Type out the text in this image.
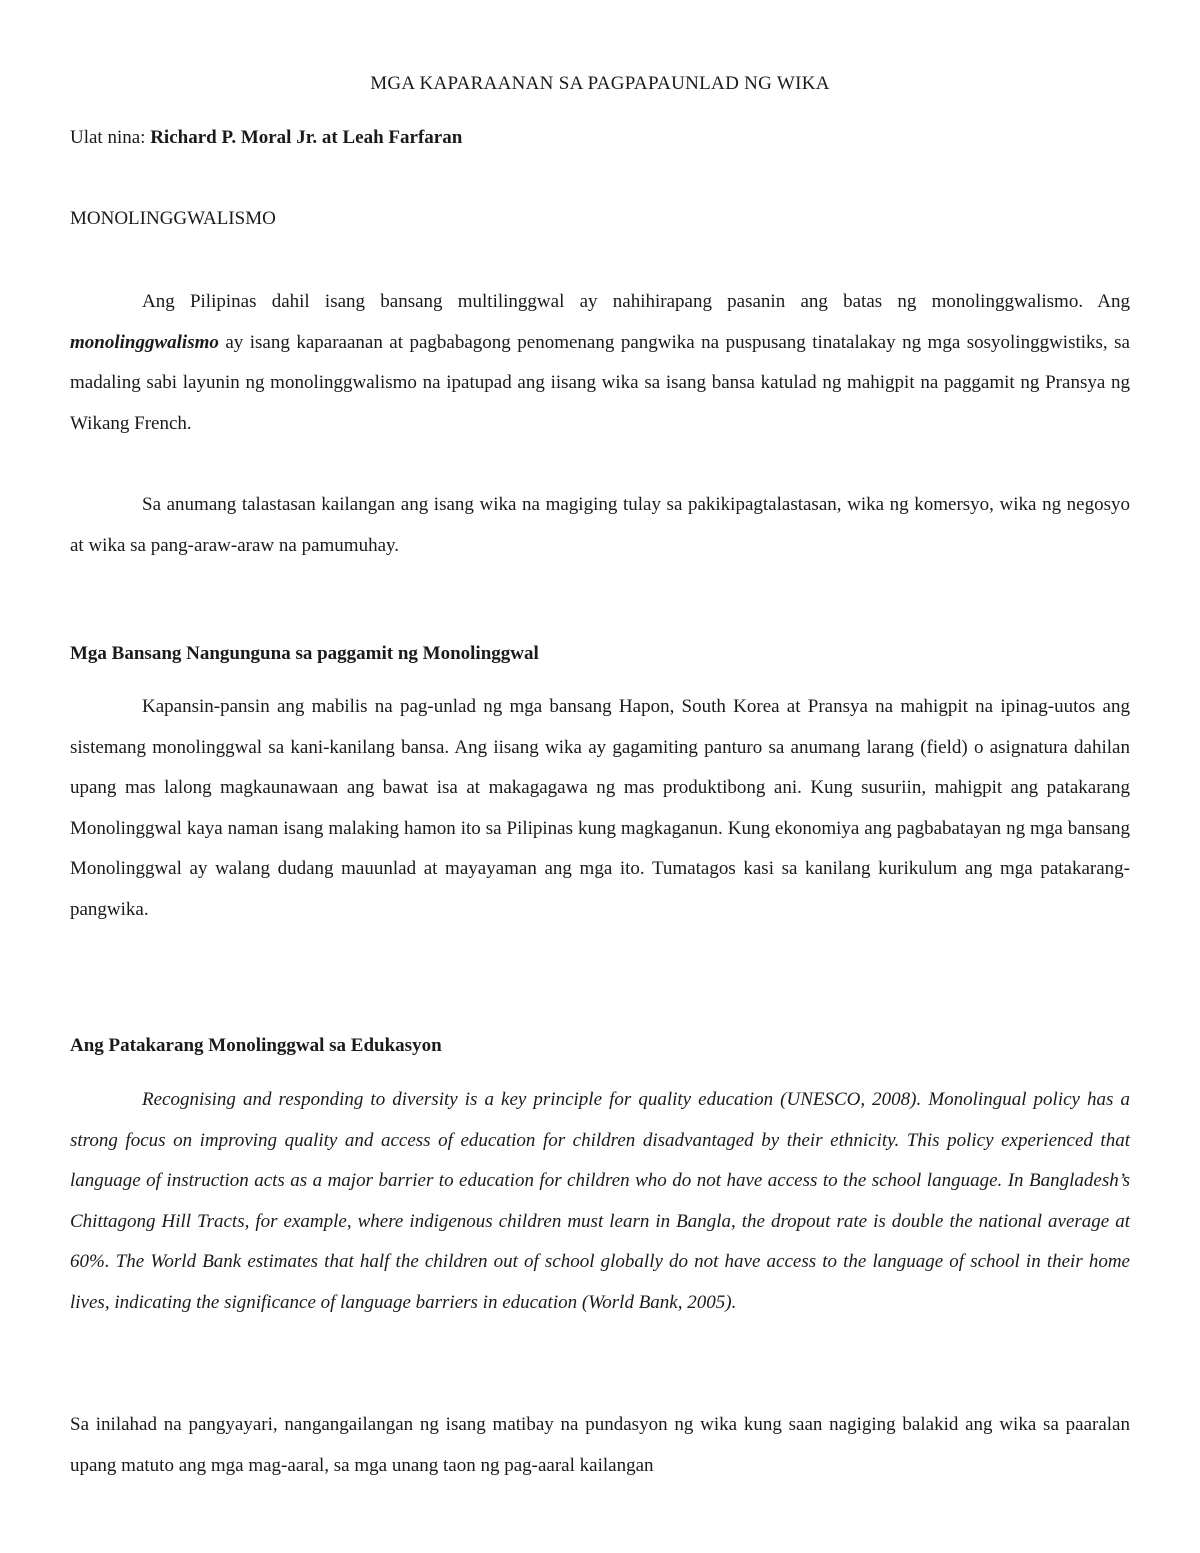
MGA KAPARAANAN SA PAGPAPAUNLAD NG WIKA
Ulat nina: Richard P. Moral Jr. at Leah Farfaran
MONOLINGGWALISMO

Ang Pilipinas dahil isang bansang multilinggwal ay nahihirapang pasanin ang batas ng monolinggwalismo. Ang monolinggwalismo ay isang kaparaanan at pagbabagong penomenang pangwika na puspusang tinatalakay ng mga sosyolinggwistiks, sa madaling sabi layunin ng monolinggwalismo na ipatupad ang iisang wika sa isang bansa katulad ng mahigpit na paggamit ng Pransya ng Wikang French.

Sa anumang talastasan kailangan ang isang wika na magiging tulay sa pakikipagtalastasan, wika ng komersyo, wika ng negosyo at wika sa pang-araw-araw na pamumuhay.

Mga Bansang Nangunguna sa paggamit ng Monolinggwal

Kapansin-pansin ang mabilis na pag-unlad ng mga bansang Hapon, South Korea at Pransya na mahigpit na ipinag-uutos ang sistemang monolinggwal sa kani-kanilang bansa. Ang iisang wika ay gagamiting panturo sa anumang larang (field) o asignatura dahilan upang mas lalong magkaunawaan ang bawat isa at makagagawa ng mas produktibong ani. Kung susuriin, mahigpit ang patakarang Monolinggwal kaya naman isang malaking hamon ito sa Pilipinas kung magkaganun. Kung ekonomiya ang pagbabatayan ng mga bansang Monolinggwal ay walang dudang mauunlad at mayayaman ang mga ito. Tumatagos kasi sa kanilang kurikulum ang mga patakarang-pangwika.

Ang Patakarang Monolinggwal sa Edukasyon

Recognising and responding to diversity is a key principle for quality education (UNESCO, 2008). Monolingual policy has a strong focus on improving quality and access of education for children disadvantaged by their ethnicity. This policy experienced that language of instruction acts as a major barrier to education for children who do not have access to the school language. In Bangladesh’s Chittagong Hill Tracts, for example, where indigenous children must learn in Bangla, the dropout rate is double the national average at 60%. The World Bank estimates that half the children out of school globally do not have access to the language of school in their home lives, indicating the significance of language barriers in education (World Bank, 2005).

Sa inilahad na pangyayari, nangangailangan ng isang matibay na pundasyon ng wika kung saan nagiging balakid ang wika sa paaralan upang matuto ang mga mag-aaral, sa mga unang taon ng pag-aaral kailangan
